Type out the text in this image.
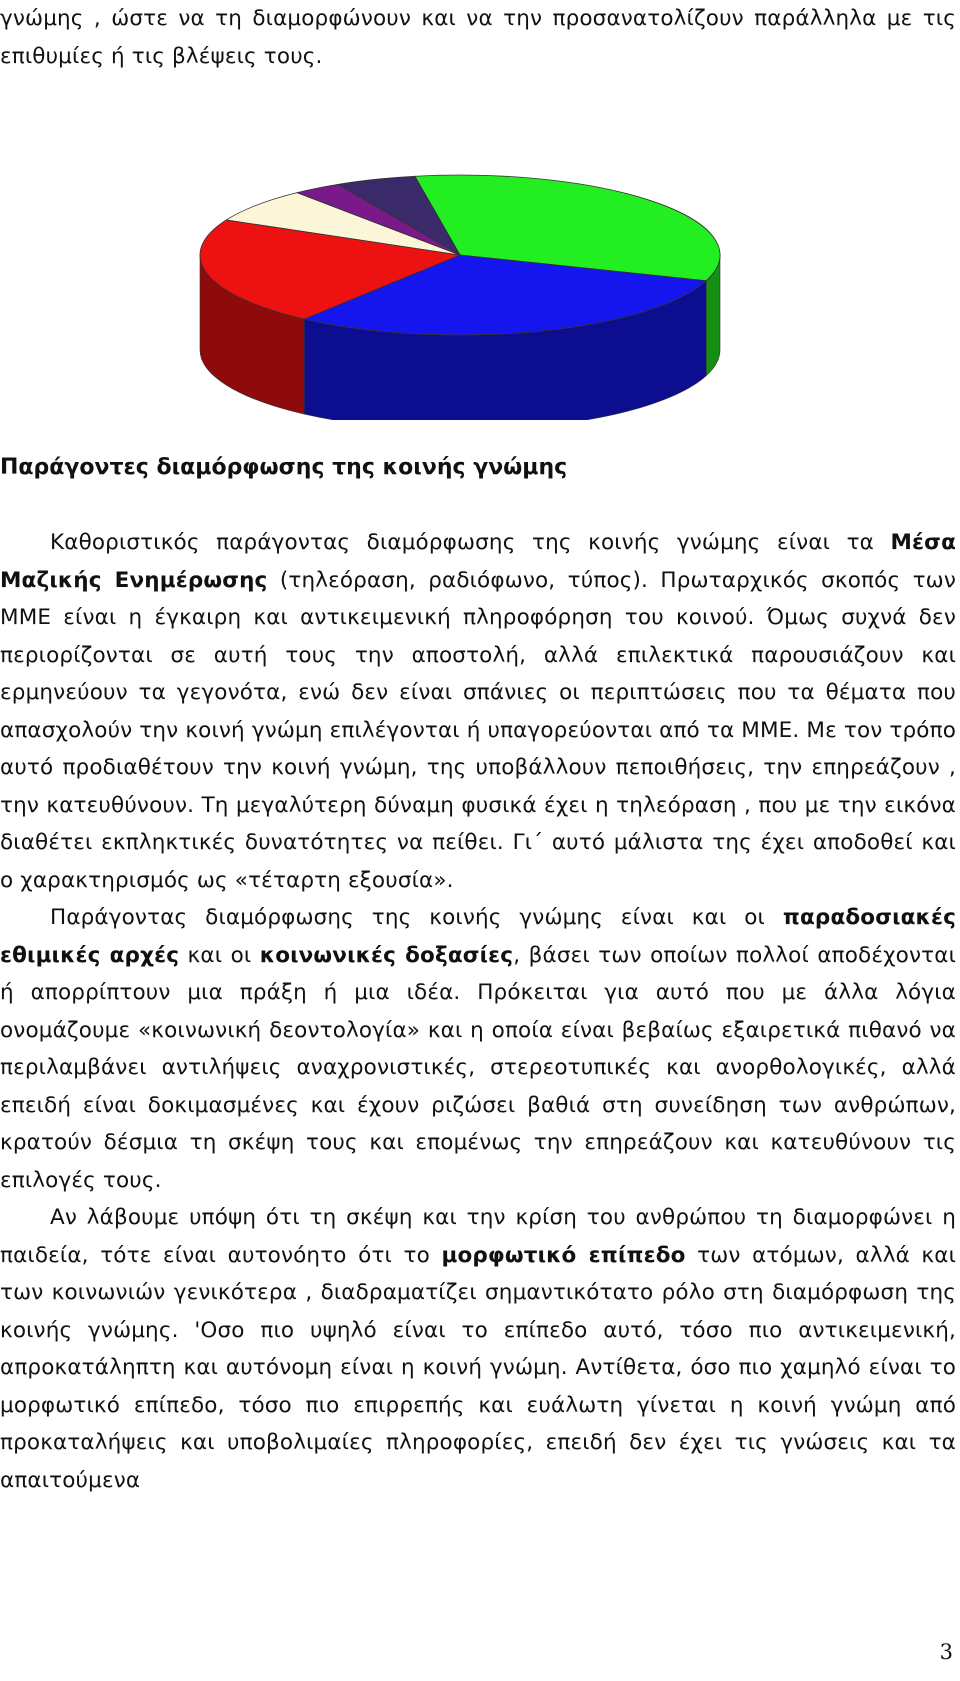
γνώμης , ώστε να τη διαμορφώνουν και να την προσανατολίζουν παράλληλα με τις επιθυμίες ή τις βλέψεις τους.

Παράγοντες διαμόρφωσης της κοινής γνώμης

Καθοριστικός παράγοντας διαμόρφωσης της κοινής γνώμης είναι τα Μέσα Μαζικής Ενημέρωσης (τηλεόραση, ραδιόφωνο, τύπος). Πρωταρχικός σκοπός των ΜΜΕ είναι η έγκαιρη και αντικειμενική πληροφόρηση του κοινού. Όμως συχνά δεν περιορίζονται σε αυτή τους την αποστολή, αλλά επιλεκτικά παρουσιάζουν και ερμηνεύουν τα γεγονότα, ενώ δεν είναι σπάνιες οι περιπτώσεις που τα θέματα που απασχολούν την κοινή γνώμη επιλέγονται ή υπαγορεύονται από τα ΜΜΕ. Με τον τρόπο αυτό προδιαθέτουν την κοινή γνώμη, της υποβάλλουν πεποιθήσεις, την επηρεάζουν , την κατευθύνουν. Τη μεγαλύτερη δύναμη φυσικά έχει η τηλεόραση , που με την εικόνα διαθέτει εκπληκτικές δυνατότητες να πείθει. Γι΄ αυτό μάλιστα της έχει αποδοθεί και ο χαρακτηρισμός ως «τέταρτη εξουσία».

Παράγοντας διαμόρφωσης της κοινής γνώμης είναι και οι παραδοσιακές εθιμικές αρχές και οι κοινωνικές δοξασίες, βάσει των οποίων πολλοί αποδέχονται ή απορρίπτουν μια πράξη ή μια ιδέα. Πρόκειται για αυτό που με άλλα λόγια ονομάζουμε «κοινωνική δεοντολογία» και η οποία είναι βεβαίως εξαιρετικά πιθανό να περιλαμβάνει αντιλήψεις αναχρονιστικές, στερεοτυπικές και ανορθολογικές, αλλά επειδή είναι δοκιμασμένες και έχουν ριζώσει βαθιά στη συνείδηση των ανθρώπων, κρατούν δέσμια τη σκέψη τους και επομένως την επηρεάζουν και κατευθύνουν τις επιλογές τους.

Αν λάβουμε υπόψη ότι τη σκέψη και την κρίση του ανθρώπου τη διαμορφώνει η παιδεία, τότε είναι αυτονόητο ότι το μορφωτικό επίπεδο των ατόμων, αλλά και των κοινωνιών γενικότερα , διαδραματίζει σημαντικότατο ρόλο στη διαμόρφωση της κοινής γνώμης. 'Οσο πιο υψηλό είναι το επίπεδο αυτό, τόσο πιο αντικειμενική, απροκατάληπτη και αυτόνομη είναι η κοινή γνώμη. Αντίθετα, όσο πιο χαμηλό είναι το μορφωτικό επίπεδο, τόσο πιο επιρρεπής και ευάλωτη γίνεται η κοινή γνώμη από προκαταλήψεις και υποβολιμαίες πληροφορίες, επειδή δεν έχει τις γνώσεις και τα απαιτούμενα

3
